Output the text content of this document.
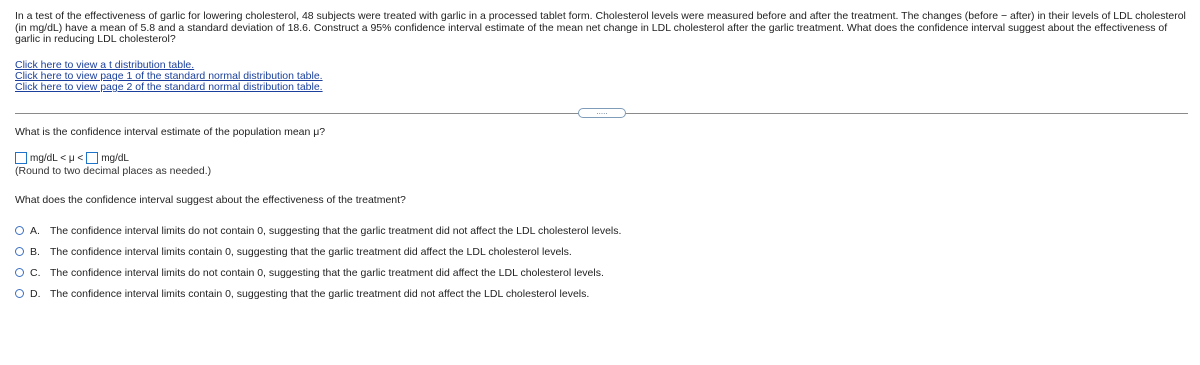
In a test of the effectiveness of garlic for lowering cholesterol, 48 subjects were treated with garlic in a processed tablet form. Cholesterol levels were measured before and after the treatment. The changes (before − after) in their levels of LDL cholesterol (in mg/dL) have a mean of 5.8 and a standard deviation of 18.6. Construct a 95% confidence interval estimate of the mean net change in LDL cholesterol after the garlic treatment. What does the confidence interval suggest about the effectiveness of garlic in reducing LDL cholesterol?
Click here to view a t distribution table.
Click here to view page 1 of the standard normal distribution table.
Click here to view page 2 of the standard normal distribution table.
.....
What is the confidence interval estimate of the population mean μ?
mg/dL < μ < mg/dL
(Round to two decimal places as needed.)
What does the confidence interval suggest about the effectiveness of the treatment?
A. The confidence interval limits do not contain 0, suggesting that the garlic treatment did not affect the LDL cholesterol levels.
B. The confidence interval limits contain 0, suggesting that the garlic treatment did affect the LDL cholesterol levels.
C. The confidence interval limits do not contain 0, suggesting that the garlic treatment did affect the LDL cholesterol levels.
D. The confidence interval limits contain 0, suggesting that the garlic treatment did not affect the LDL cholesterol levels.
